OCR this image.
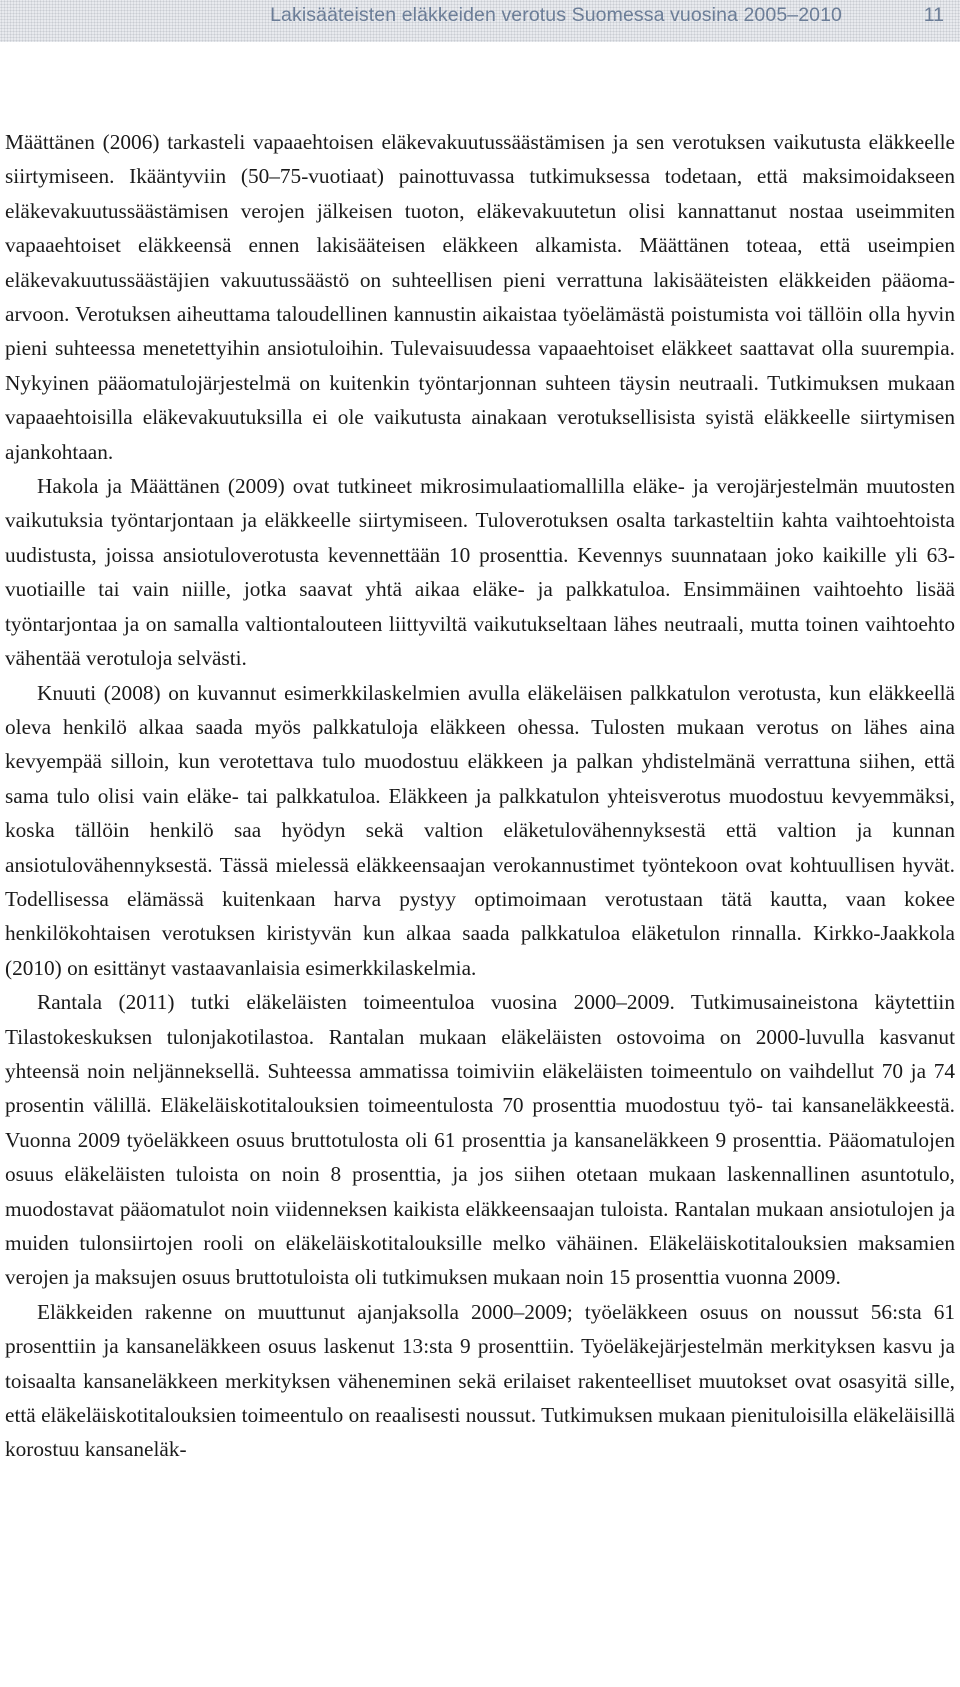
Lakisääteisten eläkkeiden verotus Suomessa vuosina 2005–2010	11

Määttänen (2006) tarkasteli vapaaehtoisen eläkevakuutussäästämisen ja sen verotuksen vaikutusta eläkkeelle siirtymiseen. Ikääntyviin (50–75-vuotiaat) painottuvassa tutkimuksessa todetaan, että maksimoidakseen eläkevakuutussäästämisen verojen jälkeisen tuoton, eläkevakuutetun olisi kannattanut nostaa useimmiten vapaaehtoiset eläkkeensä ennen lakisääteisen eläkkeen alkamista. Määttänen toteaa, että useimpien eläkevakuutussäästäjien vakuutussäästö on suhteellisen pieni verrattuna lakisääteisten eläkkeiden pääoma-arvoon. Verotuksen aiheuttama taloudellinen kannustin aikaistaa työelämästä poistumista voi tällöin olla hyvin pieni suhteessa menetettyihin ansiotuloihin. Tulevaisuudessa vapaaehtoiset eläkkeet saattavat olla suurempia. Nykyinen pääomatulojärjestelmä on kuitenkin työntarjonnan suhteen täysin neutraali. Tutkimuksen mukaan vapaaehtoisilla eläkevakuutuksilla ei ole vaikutusta ainakaan verotuksellisista syistä eläkkeelle siirtymisen ajankohtaan.

Hakola ja Määttänen (2009) ovat tutkineet mikrosimulaatiomallilla eläke- ja verojärjestelmän muutosten vaikutuksia työntarjontaan ja eläkkeelle siirtymiseen. Tuloverotuksen osalta tarkasteltiin kahta vaihtoehtoista uudistusta, joissa ansiotuloverotusta kevennettään 10 prosenttia. Kevennys suunnataan joko kaikille yli 63-vuotiaille tai vain niille, jotka saavat yhtä aikaa eläke- ja palkkatuloa. Ensimmäinen vaihtoehto lisää työntarjontaa ja on samalla valtiontalouteen liittyviltä vaikutukseltaan lähes neutraali, mutta toinen vaihtoehto vähentää verotuloja selvästi.

Knuuti (2008) on kuvannut esimerkkilaskelmien avulla eläkeläisen palkkatulon verotusta, kun eläkkeellä oleva henkilö alkaa saada myös palkkatuloja eläkkeen ohessa. Tulosten mukaan verotus on lähes aina kevyempää silloin, kun verotettava tulo muodostuu eläkkeen ja palkan yhdistelmänä verrattuna siihen, että sama tulo olisi vain eläke- tai palkkatuloa. Eläkkeen ja palkkatulon yhteisverotus muodostuu kevyemmäksi, koska tällöin henkilö saa hyödyn sekä valtion eläketulovähennyksestä että valtion ja kunnan ansiotulovähennyksestä. Tässä mielessä eläkkeensaajan verokannustimet työntekoon ovat kohtuullisen hyvät. Todellisessa elämässä kuitenkaan harva pystyy optimoimaan verotustaan tätä kautta, vaan kokee henkilökohtaisen verotuksen kiristyvän kun alkaa saada palkkatuloa eläketulon rinnalla. Kirkko-Jaakkola (2010) on esittänyt vastaavanlaisia esimerkkilaskelmia.

Rantala (2011) tutki eläkeläisten toimeentuloa vuosina 2000–2009. Tutkimusaineistona käytettiin Tilastokeskuksen tulonjakotilastoa. Rantalan mukaan eläkeläisten ostovoima on 2000-luvulla kasvanut yhteensä noin neljänneksellä. Suhteessa ammatissa toimiviin eläkeläisten toimeentulo on vaihdellut 70 ja 74 prosentin välillä. Eläkeläiskotitalouksien toimeentulosta 70 prosenttia muodostuu työ- tai kansaneläkkeestä. Vuonna 2009 työeläkkeen osuus bruttotulosta oli 61 prosenttia ja kansaneläkkeen 9 prosenttia. Pääomatulojen osuus eläkeläisten tuloista on noin 8 prosenttia, ja jos siihen otetaan mukaan laskennallinen asuntotulo, muodostavat pääomatulot noin viidenneksen kaikista eläkkeensaajan tuloista. Rantalan mukaan ansiotulojen ja muiden tulonsiirtojen rooli on eläkeläiskotitalouksille melko vähäinen. Eläkeläiskotitalouksien maksamien verojen ja maksujen osuus bruttotuloista oli tutkimuksen mukaan noin 15 prosenttia vuonna 2009.

Eläkkeiden rakenne on muuttunut ajanjaksolla 2000–2009; työeläkkeen osuus on noussut 56:sta 61 prosenttiin ja kansaneläkkeen osuus laskenut 13:sta 9 prosenttiin. Työeläkejärjestelmän merkityksen kasvu ja toisaalta kansaneläkkeen merkityksen väheneminen sekä erilaiset rakenteelliset muutokset ovat osasyitä sille, että eläkeläiskotitalouksien toimeentulo on reaalisesti noussut. Tutkimuksen mukaan pienituloisilla eläkeläisillä korostuu kansaneläk-
